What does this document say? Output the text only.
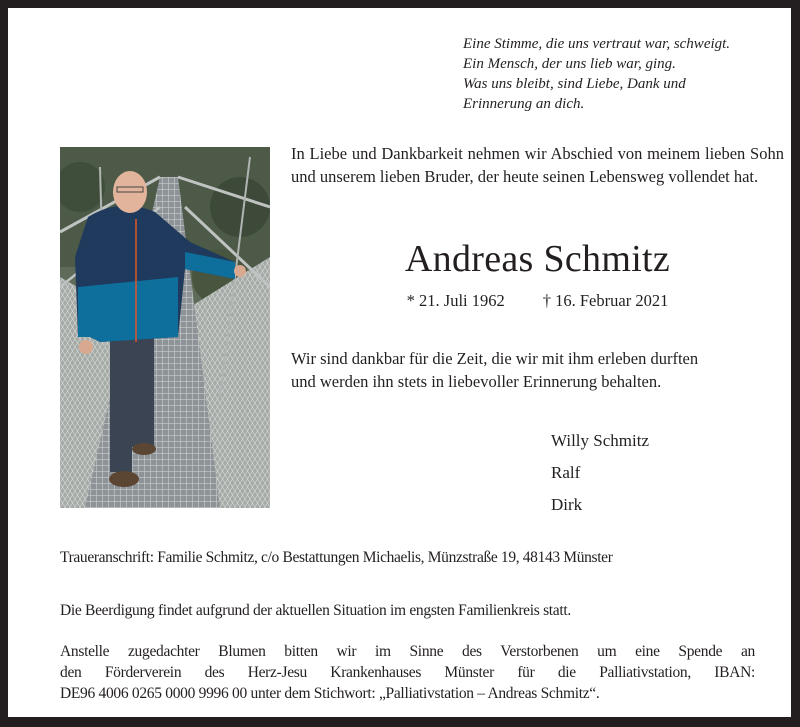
Eine Stimme, die uns vertraut war, schweigt.
Ein Mensch, der uns lieb war, ging.
Was uns bleibt, sind Liebe, Dank und
Erinnerung an dich.
In Liebe und Dankbarkeit nehmen wir Abschied von meinem lieben Sohn und unserem lieben Bruder, der heute seinen Lebensweg vollendet hat.
Andreas Schmitz
* 21. Juli 1962 † 16. Februar 2021
Wir sind dankbar für die Zeit, die wir mit ihm erleben durften
und werden ihn stets in liebevoller Erinnerung behalten.
Willy Schmitz
Ralf
Dirk
Traueranschrift: Familie Schmitz, c/o Bestattungen Michaelis, Münzstraße 19, 48143 Münster
Die Beerdigung findet aufgrund der aktuellen Situation im engsten Familienkreis statt.
Anstelle zugedachter Blumen bitten wir im Sinne des Verstorbenen um eine Spende an
den Förderverein des Herz-Jesu Krankenhauses Münster für die Palliativstation, IBAN:
DE96 4006 0265 0000 9996 00 unter dem Stichwort: „Palliativstation – Andreas Schmitz“.
